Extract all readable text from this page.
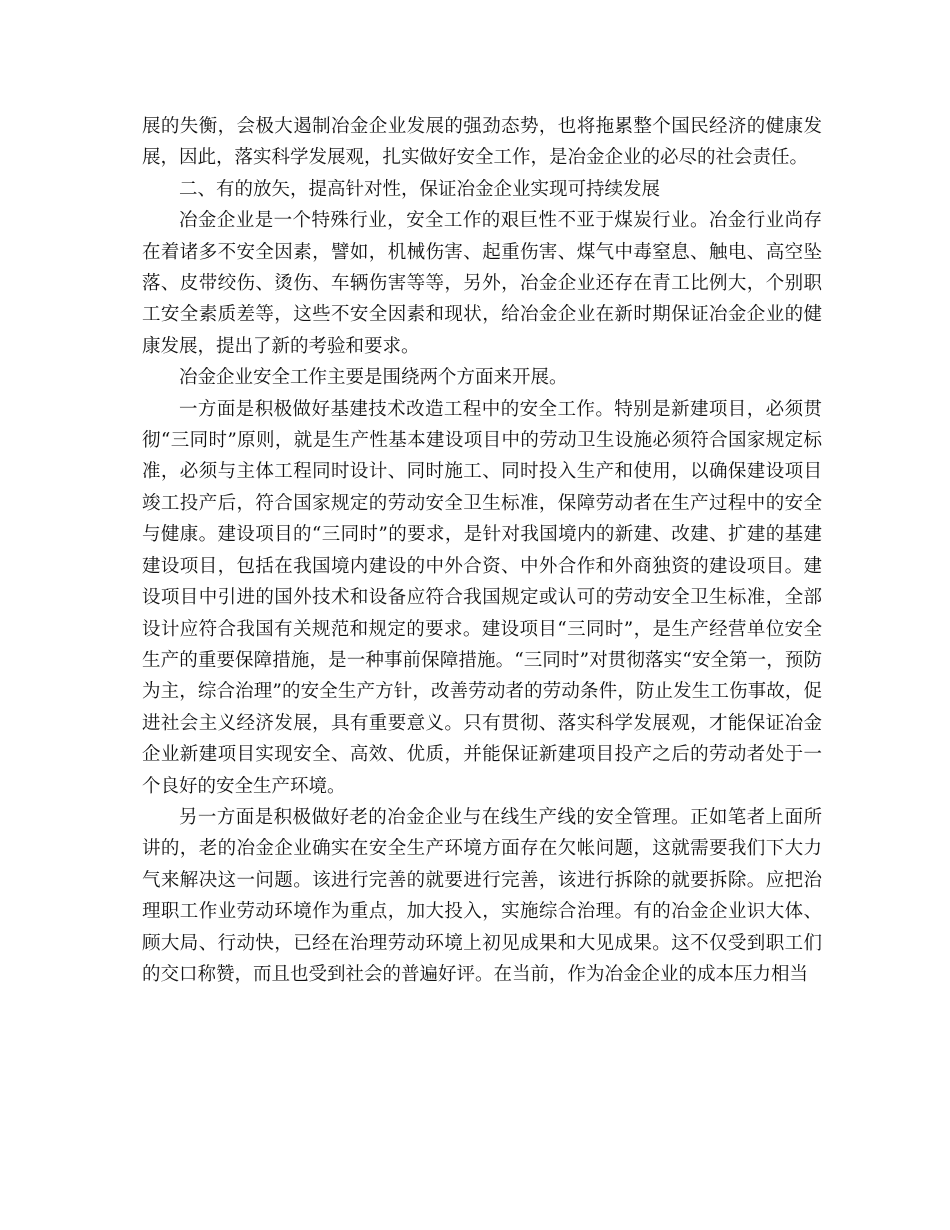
展的失衡，会极大遏制冶金企业发展的强劲态势，也将拖累整个国民经济的健康发展，因此，落实科学发展观，扎实做好安全工作，是冶金企业的必尽的社会责任。

二、有的放矢，提高针对性，保证冶金企业实现可持续发展

冶金企业是一个特殊行业，安全工作的艰巨性不亚于煤炭行业。冶金行业尚存在着诸多不安全因素，譬如，机械伤害、起重伤害、煤气中毒窒息、触电、高空坠落、皮带绞伤、烫伤、车辆伤害等等，另外，冶金企业还存在青工比例大，个别职工安全素质差等，这些不安全因素和现状，给冶金企业在新时期保证冶金企业的健康发展，提出了新的考验和要求。

冶金企业安全工作主要是围绕两个方面来开展。

一方面是积极做好基建技术改造工程中的安全工作。特别是新建项目，必须贯彻“三同时”原则，就是生产性基本建设项目中的劳动卫生设施必须符合国家规定标准，必须与主体工程同时设计、同时施工、同时投入生产和使用，以确保建设项目竣工投产后，符合国家规定的劳动安全卫生标准，保障劳动者在生产过程中的安全与健康。建设项目的“三同时”的要求，是针对我国境内的新建、改建、扩建的基建建设项目，包括在我国境内建设的中外合资、中外合作和外商独资的建设项目。建设项目中引进的国外技术和设备应符合我国规定或认可的劳动安全卫生标准，全部设计应符合我国有关规范和规定的要求。建设项目“三同时”，是生产经营单位安全生产的重要保障措施，是一种事前保障措施。“三同时”对贯彻落实“安全第一，预防为主，综合治理”的安全生产方针，改善劳动者的劳动条件，防止发生工伤事故，促进社会主义经济发展，具有重要意义。只有贯彻、落实科学发展观，才能保证冶金企业新建项目实现安全、高效、优质，并能保证新建项目投产之后的劳动者处于一个良好的安全生产环境。

另一方面是积极做好老的冶金企业与在线生产线的安全管理。正如笔者上面所讲的，老的冶金企业确实在安全生产环境方面存在欠帐问题，这就需要我们下大力气来解决这一问题。该进行完善的就要进行完善，该进行拆除的就要拆除。应把治理职工作业劳动环境作为重点，加大投入，实施综合治理。有的冶金企业识大体、顾大局、行动快，已经在治理劳动环境上初见成果和大见成果。这不仅受到职工们的交口称赞，而且也受到社会的普遍好评。在当前，作为冶金企业的成本压力相当
